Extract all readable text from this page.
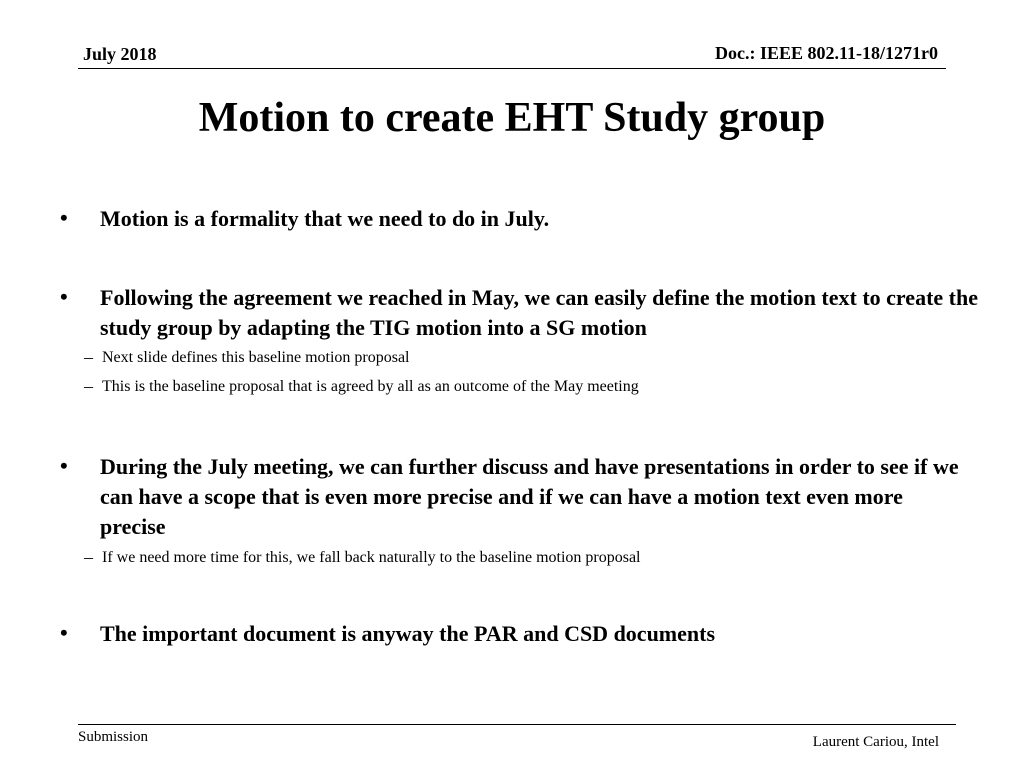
July 2018	Doc.: IEEE 802.11-18/1271r0
Motion to create EHT Study group
• Motion is a formality that we need to do in July.
• Following the agreement we reached in May, we can easily define the motion text to create the study group by adapting the TIG motion into a SG motion
– Next slide defines this baseline motion proposal
– This is the baseline proposal that is agreed by all as an outcome of the May meeting
• During the July meeting, we can further discuss and have presentations in order to see if we can have a scope that is even more precise and if we can have a motion text even more precise
– If we need more time for this, we fall back naturally to the baseline motion proposal
• The important document is anyway the PAR and CSD documents
Submission	Laurent Cariou, Intel
